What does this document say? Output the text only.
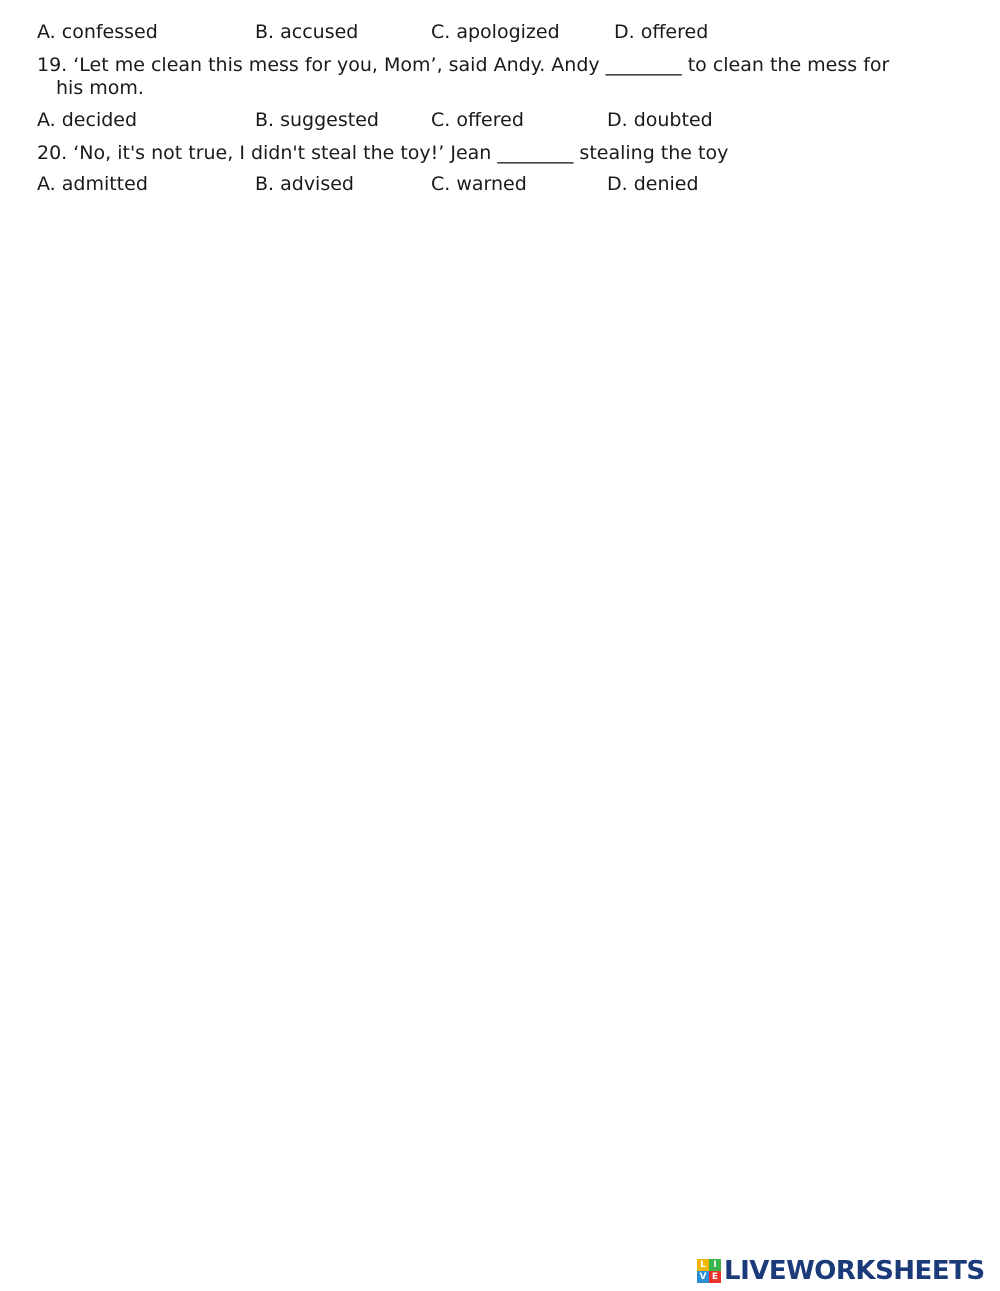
A. confessed	B. accused	C. apologized	D. offered
19. ‘Let me clean this mess for you, Mom’, said Andy. Andy ________ to clean the mess for
his mom.
A. decided	B. suggested	C. offered	D. doubted
20. ‘No, it's not true, I didn't steal the toy!’ Jean ________ stealing the toy
A. admitted	B. advised	C. warned	D. denied
L I
V E LIVEWORKSHEETS
